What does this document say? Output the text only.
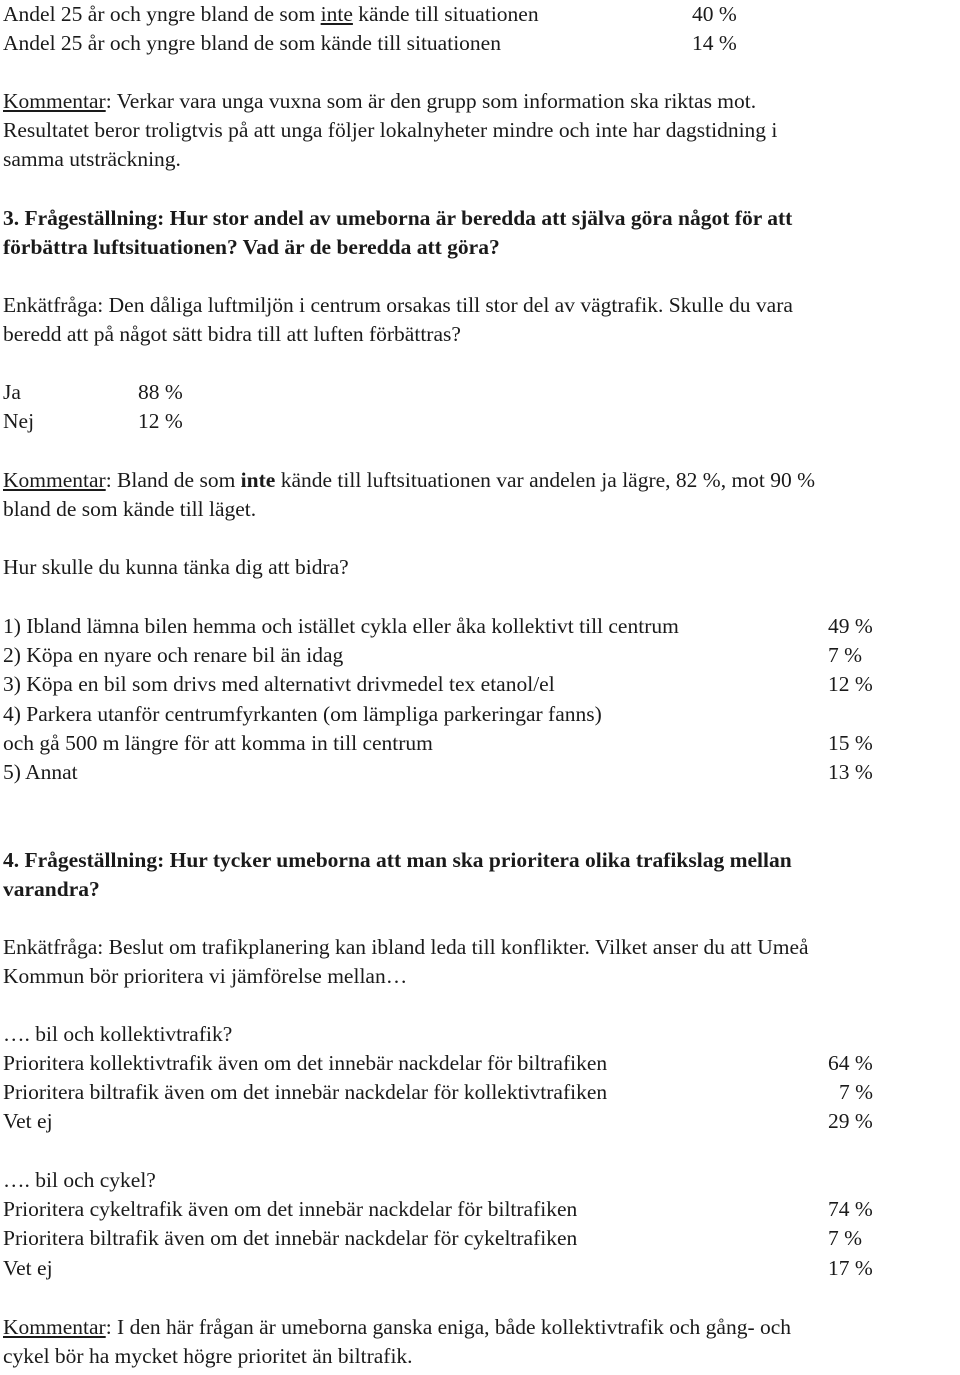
Andel 25 år och yngre bland de som inte kände till situationen	40 %
Andel 25 år och yngre bland de som kände till situationen	14 %
Kommentar: Verkar vara unga vuxna som är den grupp som information ska riktas mot.
Resultatet beror troligtvis på att unga följer lokalnyheter mindre och inte har dagstidning i
samma utsträckning.
3. Frågeställning: Hur stor andel av umeborna är beredda att själva göra något för att
förbättra luftsituationen? Vad är de beredda att göra?
Enkätfråga: Den dåliga luftmiljön i centrum orsakas till stor del av vägtrafik. Skulle du vara
beredd att på något sätt bidra till att luften förbättras?
Ja	88 %
Nej	12 %
Kommentar: Bland de som inte kände till luftsituationen var andelen ja lägre, 82 %, mot 90 %
bland de som kände till läget.
Hur skulle du kunna tänka dig att bidra?
1) Ibland lämna bilen hemma och istället cykla eller åka kollektivt till centrum	49 %
2) Köpa en nyare och renare bil än idag	7 %
3) Köpa en bil som drivs med alternativt drivmedel tex etanol/el	12 %
4) Parkera utanför centrumfyrkanten (om lämpliga parkeringar fanns)
och gå 500 m längre för att komma in till centrum	15 %
5) Annat	13 %
4. Frågeställning: Hur tycker umeborna att man ska prioritera olika trafikslag mellan
varandra?
Enkätfråga: Beslut om trafikplanering kan ibland leda till konflikter. Vilket anser du att Umeå
Kommun bör prioritera vi jämförelse mellan…
…. bil och kollektivtrafik?
Prioritera kollektivtrafik även om det innebär nackdelar för biltrafiken	64 %
Prioritera biltrafik även om det innebär nackdelar för kollektivtrafiken	7 %
Vet ej	29 %
…. bil och cykel?
Prioritera cykeltrafik även om det innebär nackdelar för biltrafiken	74 %
Prioritera biltrafik även om det innebär nackdelar för cykeltrafiken	7 %
Vet ej	17 %
Kommentar: I den här frågan är umeborna ganska eniga, både kollektivtrafik och gång- och
cykel bör ha mycket högre prioritet än biltrafik.
